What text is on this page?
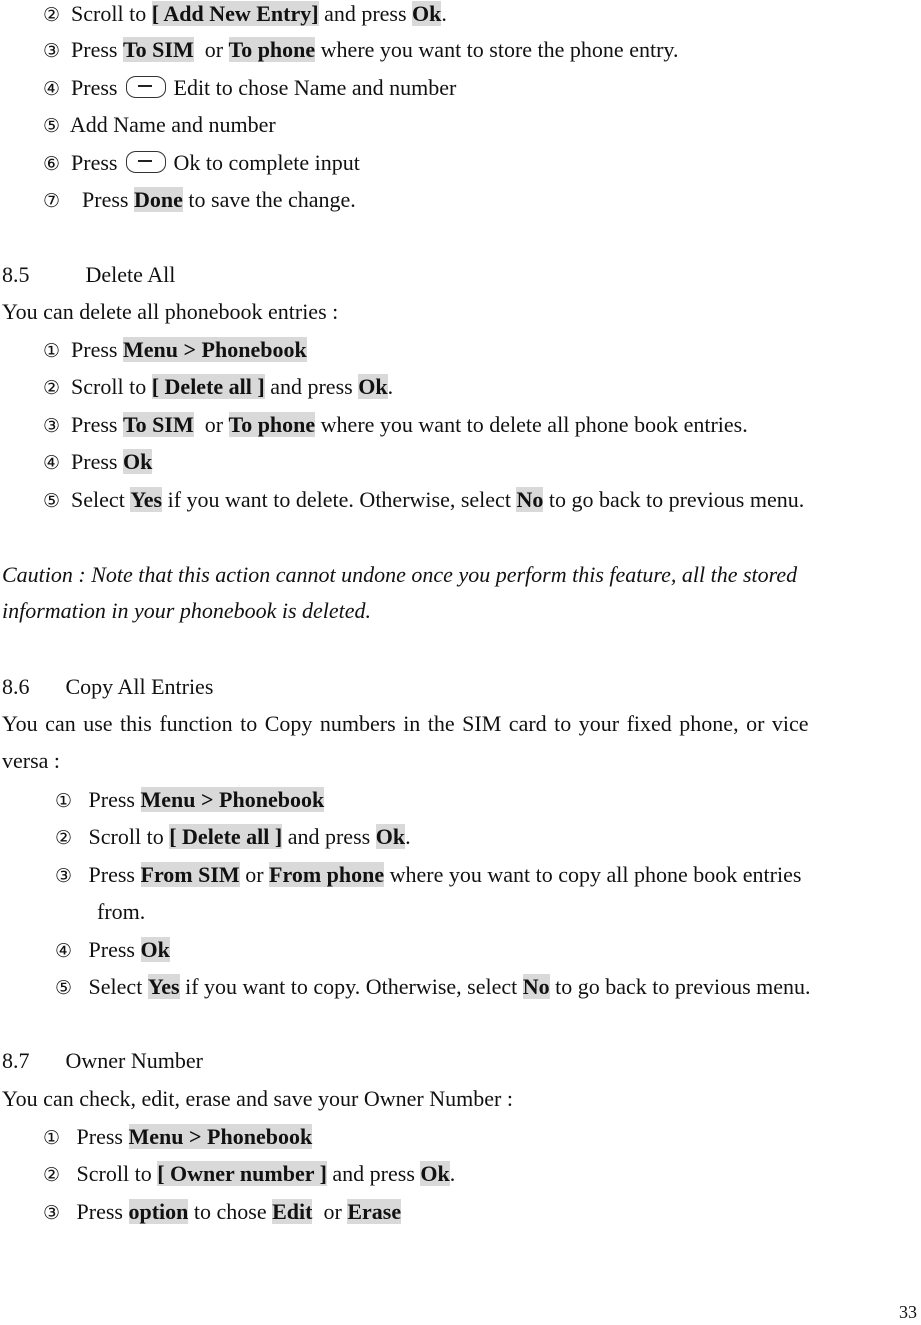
② Scroll to [ Add New Entry] and press Ok.
③ Press To SIM  or To phone where you want to store the phone entry.
④ Press	Edit to chose Name and number
⑤ Add Name and number
⑥ Press	Ok to complete input
⑦ Press Done to save the change.
8.5	Delete All
You can delete all phonebook entries :
① Press Menu > Phonebook
② Scroll to [ Delete all ] and press Ok.
③ Press To SIM  or To phone where you want to delete all phone book entries.
④ Press Ok
⑤ Select Yes if you want to delete. Otherwise, select No to go back to previous menu.
Caution : Note that this action cannot undone once you perform this feature, all the stored
information in your phonebook is deleted.
8.6 Copy All Entries
You can use this function to Copy numbers in the SIM card to your fixed phone, or vice
versa :
① Press Menu > Phonebook
② Scroll to [ Delete all ] and press Ok.
③ Press From SIM or From phone where you want to copy all phone book entries
from.
④ Press Ok
⑤ Select Yes if you want to copy. Otherwise, select No to go back to previous menu.
8.7 Owner Number
You can check, edit, erase and save your Owner Number :
① Press Menu > Phonebook
② Scroll to [ Owner number ] and press Ok.
③ Press option to chose Edit  or Erase
33
